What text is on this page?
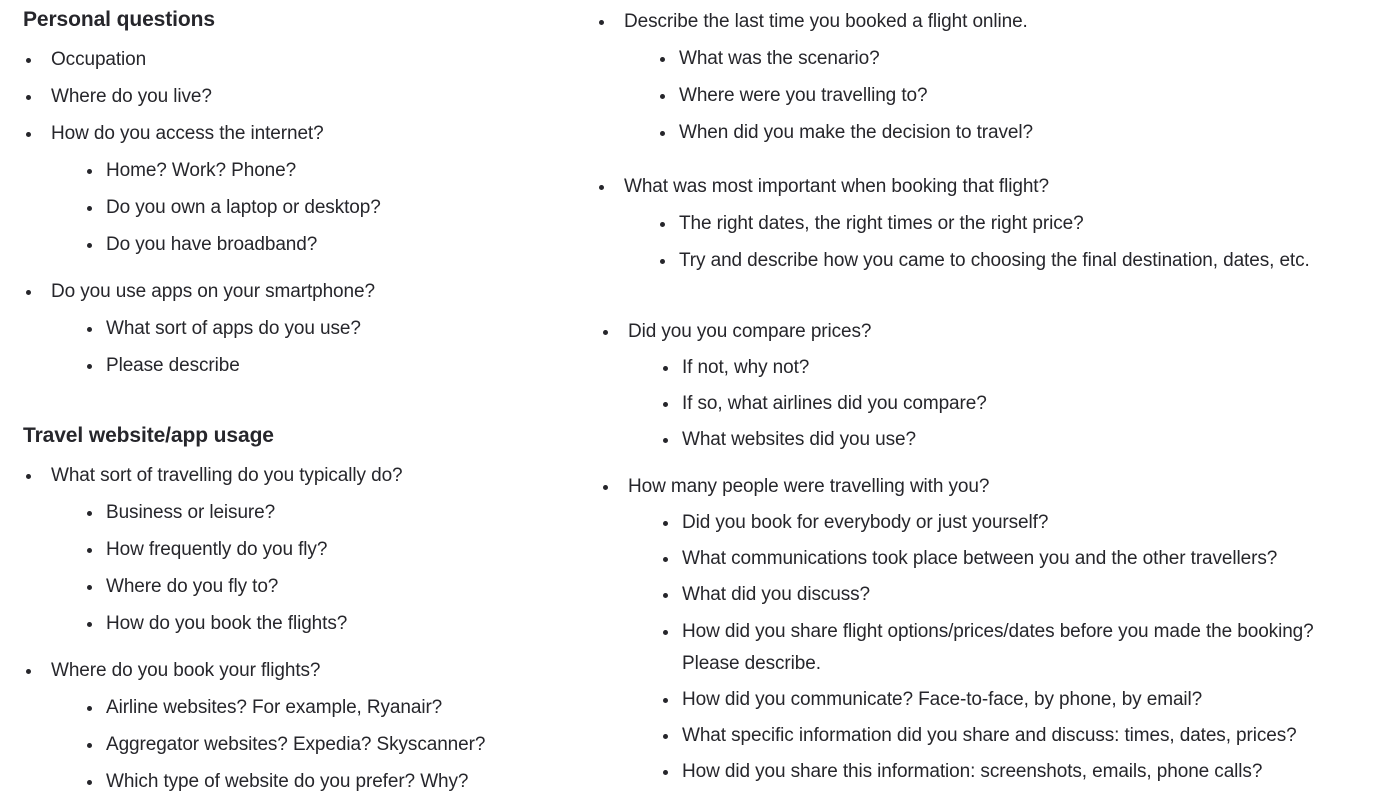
Personal questions
Occupation
Where do you live?
How do you access the internet?
Home? Work? Phone?
Do you own a laptop or desktop?
Do you have broadband?
Do you use apps on your smartphone?
What sort of apps do you use?
Please describe
Travel website/app usage
What sort of travelling do you typically do?
Business or leisure?
How frequently do you fly?
Where do you fly to?
How do you book the flights?
Where do you book your flights?
Airline websites? For example, Ryanair?
Aggregator websites? Expedia? Skyscanner?
Which type of website do you prefer? Why?
Describe the last time you booked a flight online.
What was the scenario?
Where were you travelling to?
When did you make the decision to travel?
What was most important when booking that flight?
The right dates, the right times or the right price?
Try and describe how you came to choosing the final destination, dates, etc.
Did you you compare prices?
If not, why not?
If so, what airlines did you compare?
What websites did you use?
How many people were travelling with you?
Did you book for everybody or just yourself?
What communications took place between you and the other travellers?
What did you discuss?
How did you share flight options/prices/dates before you made the booking?
Please describe.
How did you communicate? Face-to-face, by phone, by email?
What specific information did you share and discuss: times, dates, prices?
How did you share this information: screenshots, emails, phone calls?
